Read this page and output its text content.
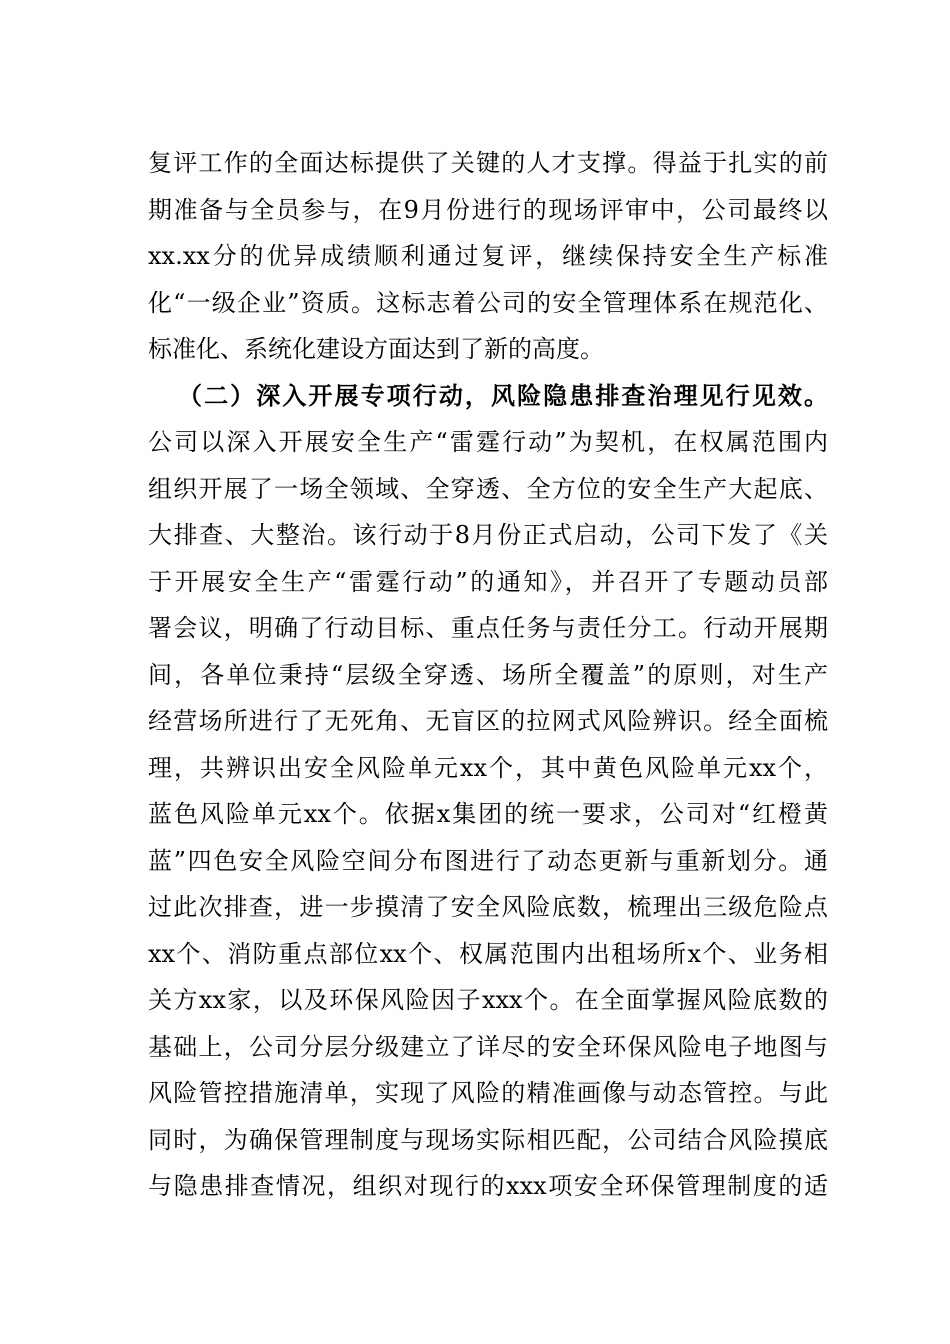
复评工作的全面达标提供了关键的人才支撑。得益于扎实的前
期准备与全员参与，在9月份进行的现场评审中，公司最终以
xx.xx分的优异成绩顺利通过复评，继续保持安全生产标准
化“一级企业”资质。这标志着公司的安全管理体系在规范化、
标准化、系统化建设方面达到了新的高度。
（二）深入开展专项行动，风险隐患排查治理见行见效。
公司以深入开展安全生产“雷霆行动”为契机，在权属范围内
组织开展了一场全领域、全穿透、全方位的安全生产大起底、
大排查、大整治。该行动于8月份正式启动，公司下发了《关
于开展安全生产“雷霆行动”的通知》，并召开了专题动员部
署会议，明确了行动目标、重点任务与责任分工。行动开展期
间，各单位秉持“层级全穿透、场所全覆盖”的原则，对生产
经营场所进行了无死角、无盲区的拉网式风险辨识。经全面梳
理，共辨识出安全风险单元xx个，其中黄色风险单元xx个，
蓝色风险单元xx个。依据x集团的统一要求，公司对“红橙黄
蓝”四色安全风险空间分布图进行了动态更新与重新划分。通
过此次排查，进一步摸清了安全风险底数，梳理出三级危险点
xx个、消防重点部位xx个、权属范围内出租场所x个、业务相
关方xx家，以及环保风险因子xxx个。在全面掌握风险底数的
基础上，公司分层分级建立了详尽的安全环保风险电子地图与
风险管控措施清单，实现了风险的精准画像与动态管控。与此
同时，为确保管理制度与现场实际相匹配，公司结合风险摸底
与隐患排查情况，组织对现行的xxx项安全环保管理制度的适
